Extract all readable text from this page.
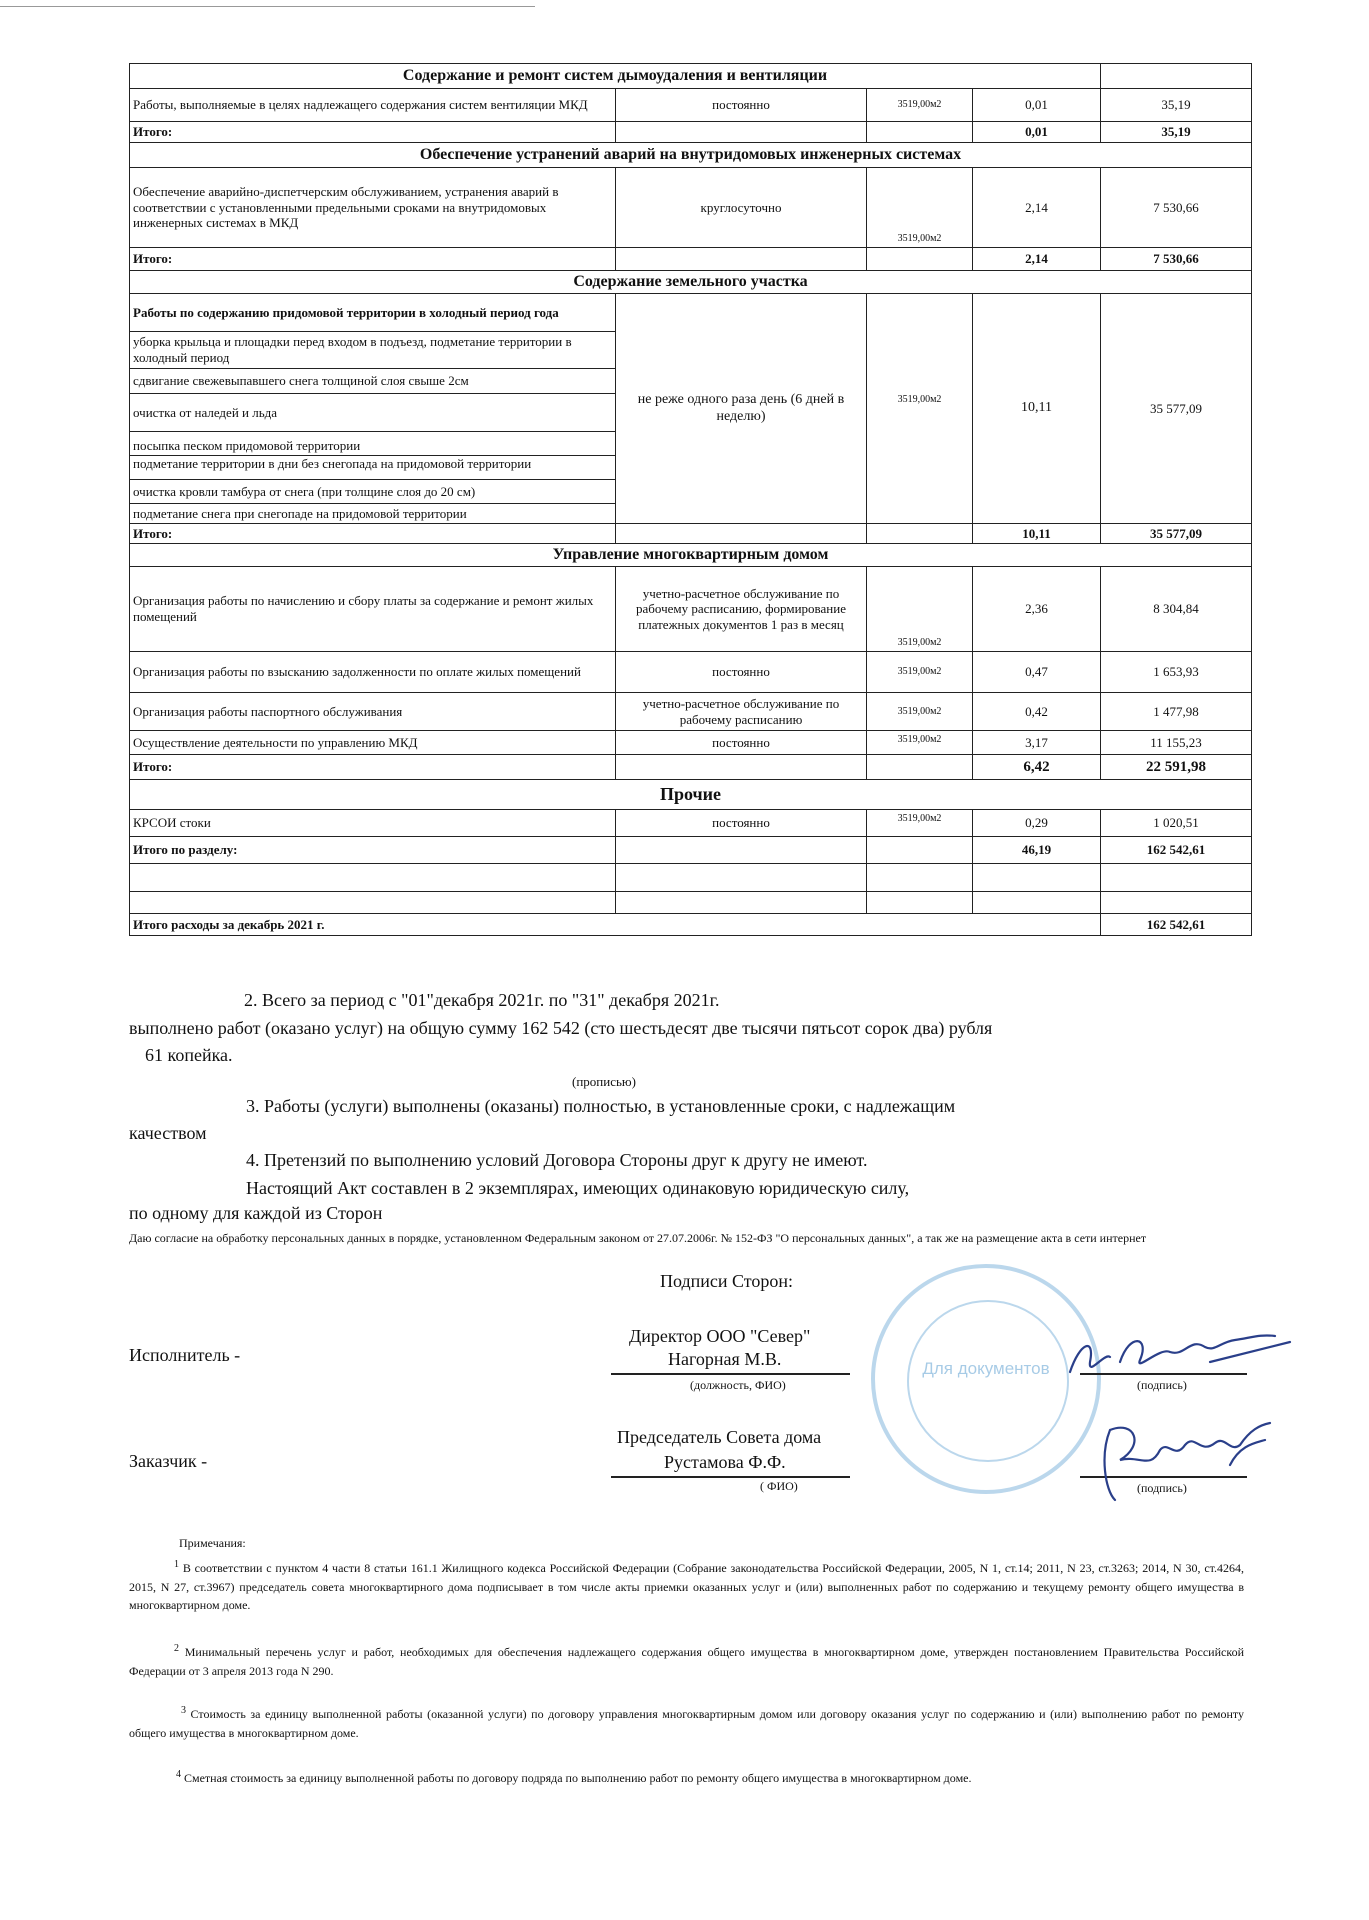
Содержание и ремонт систем дымоудаления и вентиляции				
Работы, выполняемые в целях надлежащего содержания систем вентиляции МКД	постоянно	3519,00м2	0,01	35,19
Итого:			0,01	35,19
Обеспечение устранений аварий на внутридомовых инженерных системах				
Обеспечение аварийно-диспетчерским обслуживанием, устранения аварий в соответствии с установленными предельными сроками на внутридомовых инженерных системах в МКД	круглосуточно	3519,00м2	2,14	7 530,66
Итого:			2,14	7 530,66
Содержание земельного участка				
Работы по содержанию придомовой территории в холодный период года	не реже одного раза день (6 дней в неделю)	3519,00м2	10,11	35 577,09
уборка крыльца и площадки перед входом в подъезд, подметание территории в холодный период				
сдвигание свежевыпавшего снега толщиной слоя свыше 2см				
очистка от наледей и льда				
посыпка песком придомовой территории				
подметание территории в дни без снегопада на придомовой территории				
очистка кровли тамбура от снега (при толщине слоя до 20 см)				
подметание снега при снегопаде на придомовой территории				
Итого:			10,11	35 577,09
Управление многоквартирным домом				
Организация работы по начислению и сбору платы за содержание и ремонт жилых помещений	учетно-расчетное обслуживание по рабочему расписанию, формирование платежных документов 1 раз в месяц	3519,00м2	2,36	8 304,84
Организация работы по взысканию задолженности по оплате жилых помещений	постоянно	3519,00м2	0,47	1 653,93
Организация работы паспортного обслуживания	учетно-расчетное обслуживание по рабочему расписанию	3519,00м2	0,42	1 477,98
Осуществление деятельности по управлению МКД	постоянно	3519,00м2	3,17	11 155,23
Итого:			6,42	22 591,98
Прочие				
КРСОИ стоки	постоянно	3519,00м2	0,29	1 020,51
Итого по разделу:			46,19	162 542,61

Итого расходы за декабрь 2021 г.				162 542,61
2. Всего за период с "01"декабря 2021г. по "31" декабря 2021г.
выполнено работ (оказано услуг) на общую сумму 162 542 (сто шестьдесят две тысячи пятьсот сорок два) рубля
61 копейка.
(прописью)
3. Работы (услуги) выполнены (оказаны) полностью, в установленные сроки, с надлежащим
качеством
4. Претензий по выполнению условий Договора Стороны друг к другу не имеют.
Настоящий Акт составлен в 2 экземплярах, имеющих одинаковую юридическую силу,
по одному для каждой из Сторон
Даю согласие на обработку персональных данных в порядке, установленном Федеральным законом от 27.07.2006г. № 152-ФЗ "О персональных данных", а так же на размещение акта в сети интернет
Подписи Сторон:
Для документов
Исполнитель -
Директор ООО "Север"
Нагорная М.В.
(должность, ФИО)	(подпись)
Заказчик -
Председатель Совета дома
Рустамова Ф.Ф.
( ФИО)	(подпись)
Примечания:
$^1$ В соответствии с пунктом 4 части 8 статьи 161.1 Жилищного кодекса Российской Федерации (Собрание законодательства Российской Федерации, 2005, N 1, ст.14; 2011, N 23, ст.3263; 2014, N 30, ст.4264, 2015, N 27, ст.3967) председатель совета многоквартирного дома подписывает в том числе акты приемки оказанных услуг и (или) выполненных работ по содержанию и текущему ремонту общего имущества в многоквартирном доме.
$^2$ Минимальный перечень услуг и работ, необходимых для обеспечения надлежащего содержания общего имущества в многоквартирном доме, утвержден постановлением Правительства Российской Федерации от 3 апреля 2013 года N 290.
$^3$ Стоимость за единицу выполненной работы (оказанной услуги) по договору управления многоквартирным домом или договору оказания услуг по содержанию и (или) выполнению работ по ремонту общего имущества в многоквартирном доме.
$^4$ Сметная стоимость за единицу выполненной работы по договору подряда по выполнению работ по ремонту общего имущества в многоквартирном доме.
